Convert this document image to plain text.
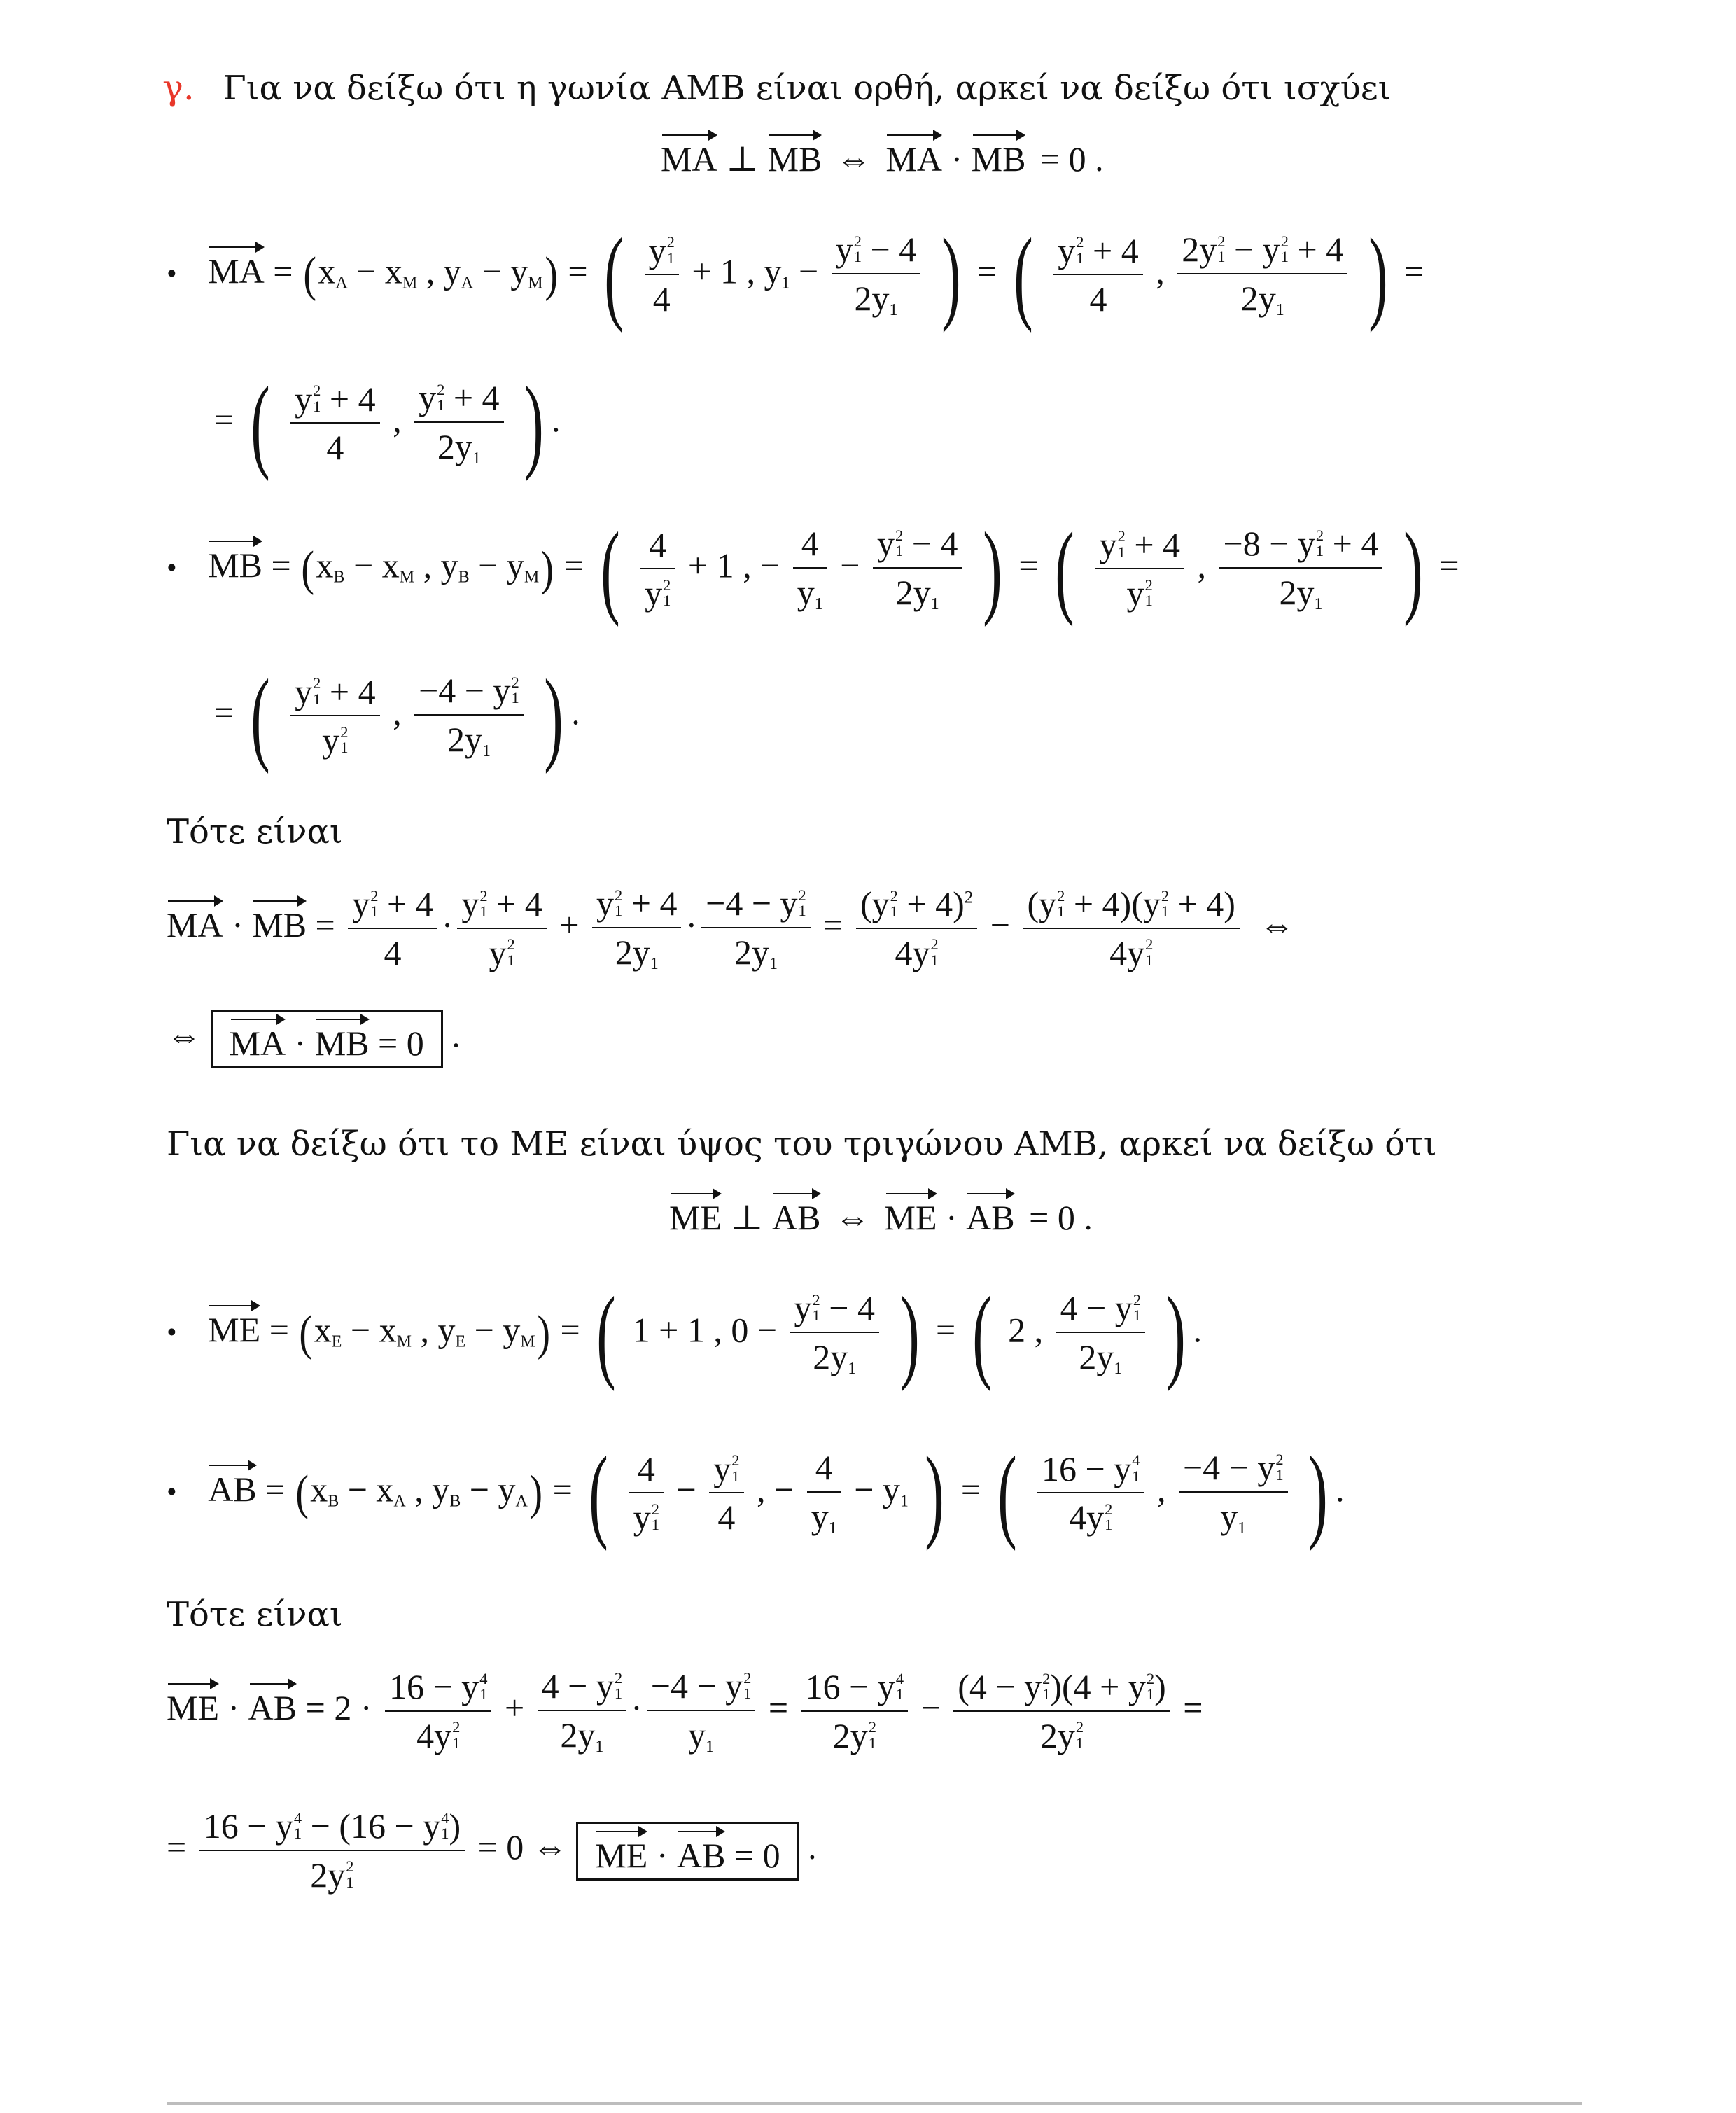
γ. Για να δείξω ότι η γωνία AMB είναι ορθή, αρκεί να δείξω ότι ισχύει
MA ⊥ MB ⇔ MA · MB = 0 .
• MA = ($x_A - x_M$ , $y_A - y_M$) = ( y 2
1
4 + 1 , $y_1 - y$ 2
1 − 4
$2y_1$ ) = ( y 2
1 + 4
4 , 2y 2
1 − y 2
1 + 4
$2y_1$ ) =
= ( y 2
1 + 4
4 , y 2
1 + 4
$2y_1$ ) .
• MB = ($x_B - x_M$ , $y_B - y_M$) = ( 4
y 2
1 + 1 , − $\frac{4}{y_1} - y$ 2
1 − 4
$2y_1$ ) = ( y 2
1 + 4
y 2
1 , −8 − y 2
1 + 4
$2y_1$ ) =
= ( y 2
1 + 4
y 2
1 , −4 − y 2
1
$2y_1$ ) .
Τότε είναι
MA · MB = y 2
1 + 4
4 · y 2
1 + 4
y 2
1 + y 2
1 + 4
$2y_1 \cdot -4 - y$ 2
1
$2y_1 = (y$ 2
1 + 4)$^2$
4y 2
1 − (y 2
1 + 4)(y 2
1 + 4)
4y 2
1 ⇔
⇔ MA · MB = 0 .
Για να δείξω ότι το ME είναι ύψος του τριγώνου AMB, αρκεί να δείξω ότι
ME ⊥ AB ⇔ ME · AB = 0 .
• ME = ($x_E - x_M$ , $y_E - y_M$) = ( 1 + 1 , 0 − y 2
1 − 4
$2y_1$ ) = ( 2 , 4 − y 2
1
$2y_1$ ) .
• AB = ($x_B - x_A$ , $y_B - y_A$) = ( 4
y 2
1 − y 2
1
4 , − $\frac{4}{y_1} - y_1$ ) = ( 16 − y 4
1
4y 2
1 , −4 − y 2
1
$y_1$ ) .
Τότε είναι
ME · AB = 2 · 16 − y 4
1
4y 2
1 + 4 − y 2
1
$2y_1 \cdot -4 - y$ 2
1
$y_1 = 16 - y$ 4
1
2y 2
1 − (4 − y 2
1 )(4 + y 2
1 )
2y 2
1 =
= 16 − y 4
1 − (16 − y 4
1 )
2y 2
1 = 0 ⇔ ME · AB = 0 .
